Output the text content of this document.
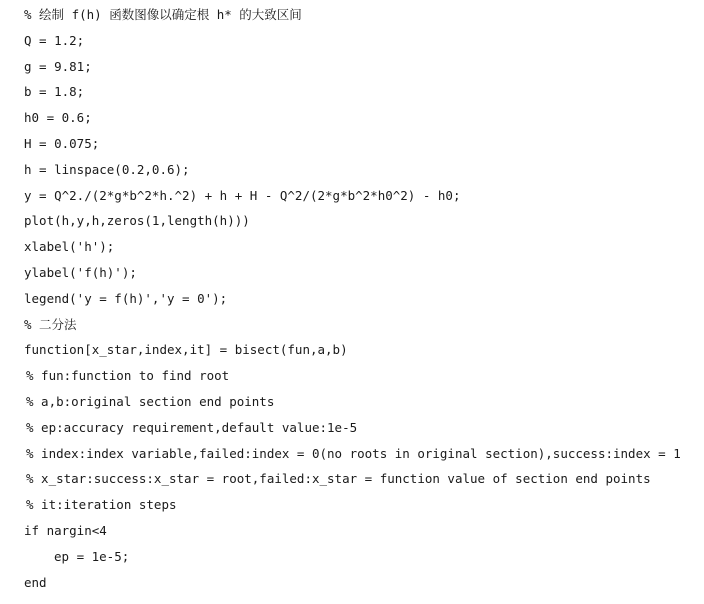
% 绘制 f(h) 函数图像以确定根 h* 的大致区间
Q = 1.2;
g = 9.81;
b = 1.8;
h0 = 0.6;
H = 0.075;
h = linspace(0.2,0.6);
y = Q^2./(2*g*b^2*h.^2) + h + H - Q^2/(2*g*b^2*h0^2) - h0;
plot(h,y,h,zeros(1,length(h)))
xlabel('h');
ylabel('f(h)');
legend('y = f(h)','y = 0');
% 二分法
function[x_star,index,it] = bisect(fun,a,b)
% fun:function to find root
% a,b:original section end points
% ep:accuracy requirement,default value:1e-5
% index:index variable,failed:index = 0(no roots in original section),success:index = 1
% x_star:success:x_star = root,failed:x_star = function value of section end points
% it:iteration steps
if nargin<4
ep = 1e-5;
end
